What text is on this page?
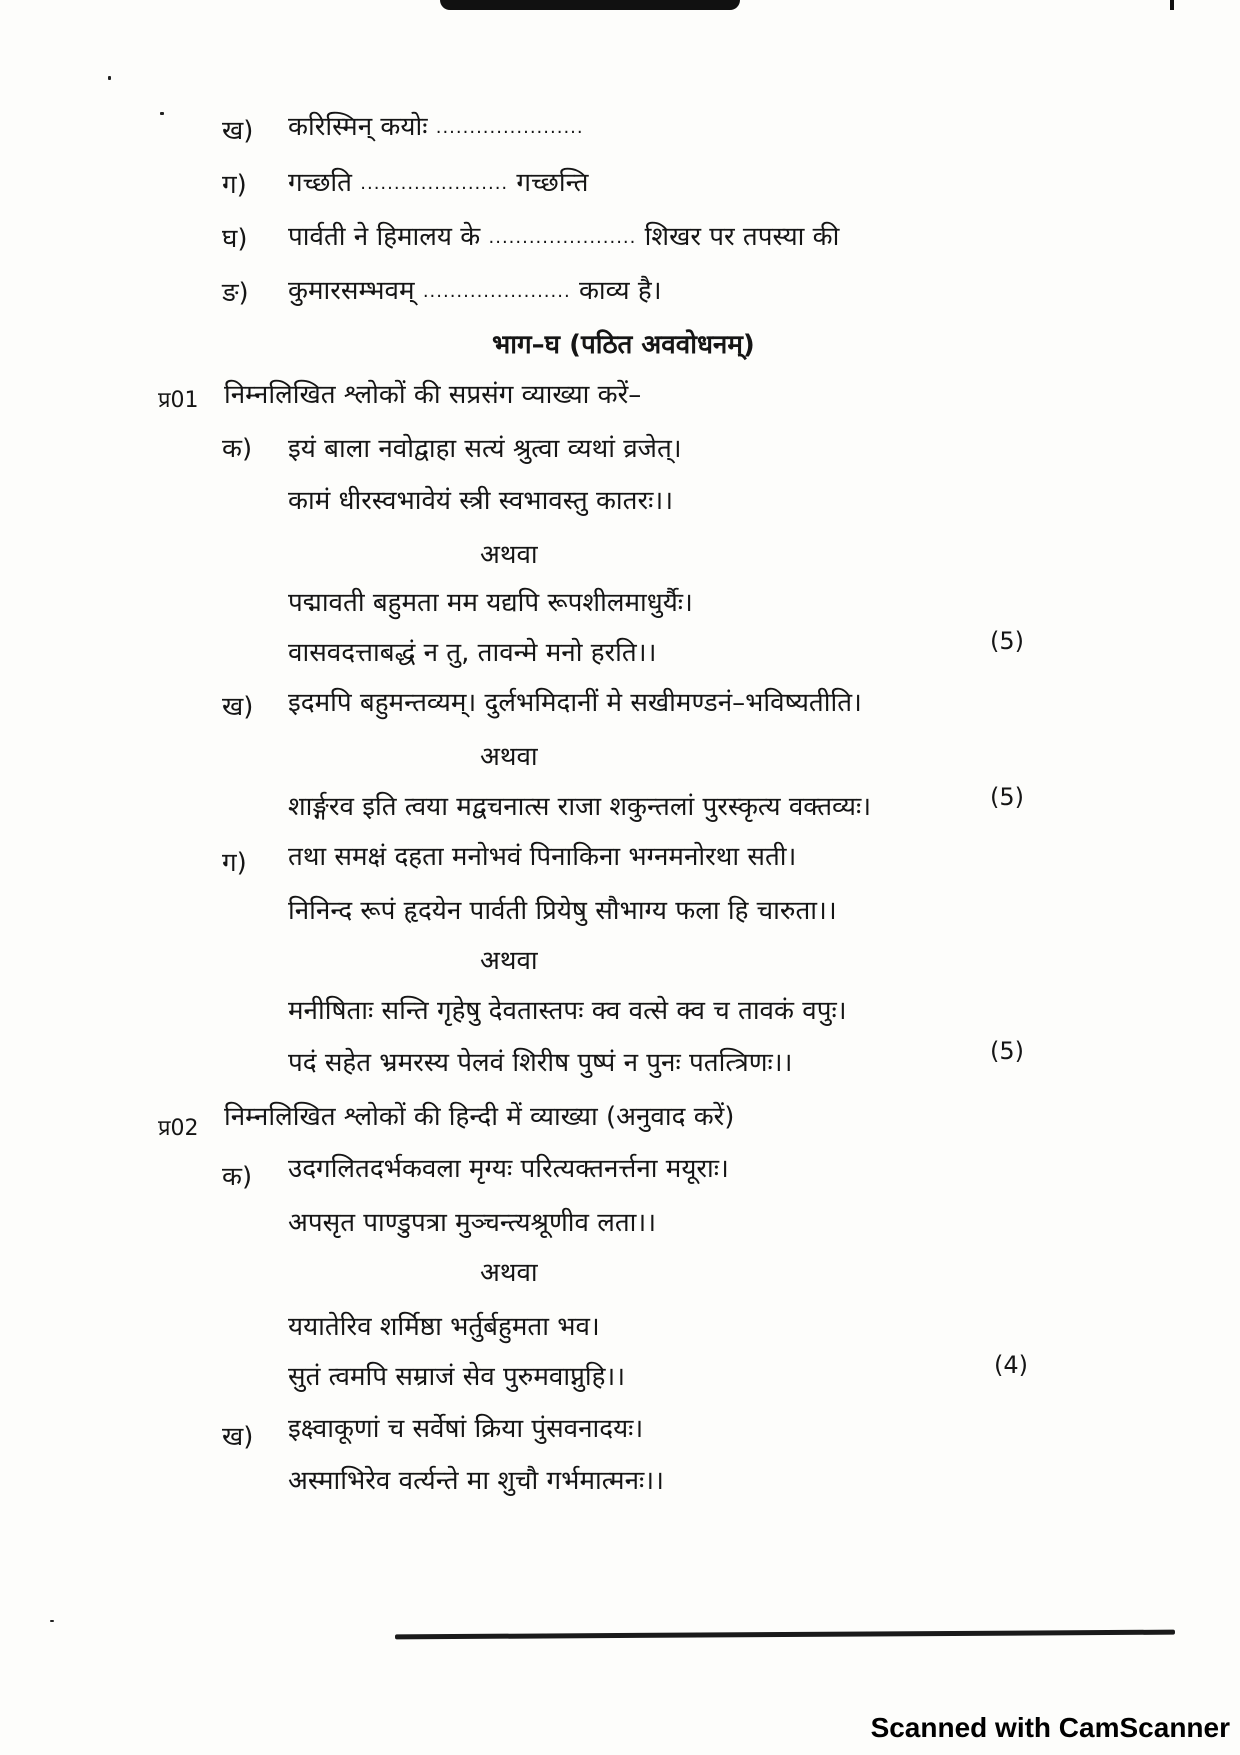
ख) करिस्मिन् कयोः ......................
ग) गच्छति ...................... गच्छन्ति
घ) पार्वती ने हिमालय के ...................... शिखर पर तपस्या की
ङ) कुमारसम्भवम् ...................... काव्य है।
भाग–घ (पठित अववोधनम्)
प्र01 निम्नलिखित श्लोकों की सप्रसंग व्याख्या करें–
क) इयं बाला नवोद्वाहा सत्यं श्रुत्वा व्यथां व्रजेत्।
कामं धीरस्वभावेयं स्त्री स्वभावस्तु कातरः।।
अथवा
पद्मावती बहुमता मम यद्यपि रूपशीलमाधुर्यैः।
वासवदत्ताबद्धं न तु, तावन्मे मनो हरति।।	(5)
ख) इदमपि बहुमन्तव्यम्। दुर्लभमिदानीं मे सखीमण्डनं–भविष्यतीति।
अथवा
शार्ङ्गरव इति त्वया मद्वचनात्स राजा शकुन्तलां पुरस्कृत्य वक्तव्यः।	(5)
ग) तथा समक्षं दहता मनोभवं पिनाकिना भग्नमनोरथा सती।
निनिन्द रूपं हृदयेन पार्वती प्रियेषु सौभाग्य फला हि चारुता।।
अथवा
मनीषिताः सन्ति गृहेषु देवतास्तपः क्व वत्से क्व च तावकं वपुः।
पदं सहेत भ्रमरस्य पेलवं शिरीष पुष्पं न पुनः पतत्त्रिणः।।	(5)
प्र02 निम्नलिखित श्लोकों की हिन्दी में व्याख्या (अनुवाद करें)
क) उदगलितदर्भकवला मृग्यः परित्यक्तनर्त्तना मयूराः।
अपसृत पाण्डुपत्रा मुञ्चन्त्यश्रूणीव लता।।
अथवा
ययातेरिव शर्मिष्ठा भर्तुर्बहुमता भव।
सुतं त्वमपि सम्राजं सेव पुरुमवाप्नुहि।।	(4)
ख) इक्ष्वाकूणां च सर्वेषां क्रिया पुंसवनादयः।
अस्माभिरेव वर्त्यन्ते मा शुचौ गर्भमात्मनः।।
Scanned with CamScanner
